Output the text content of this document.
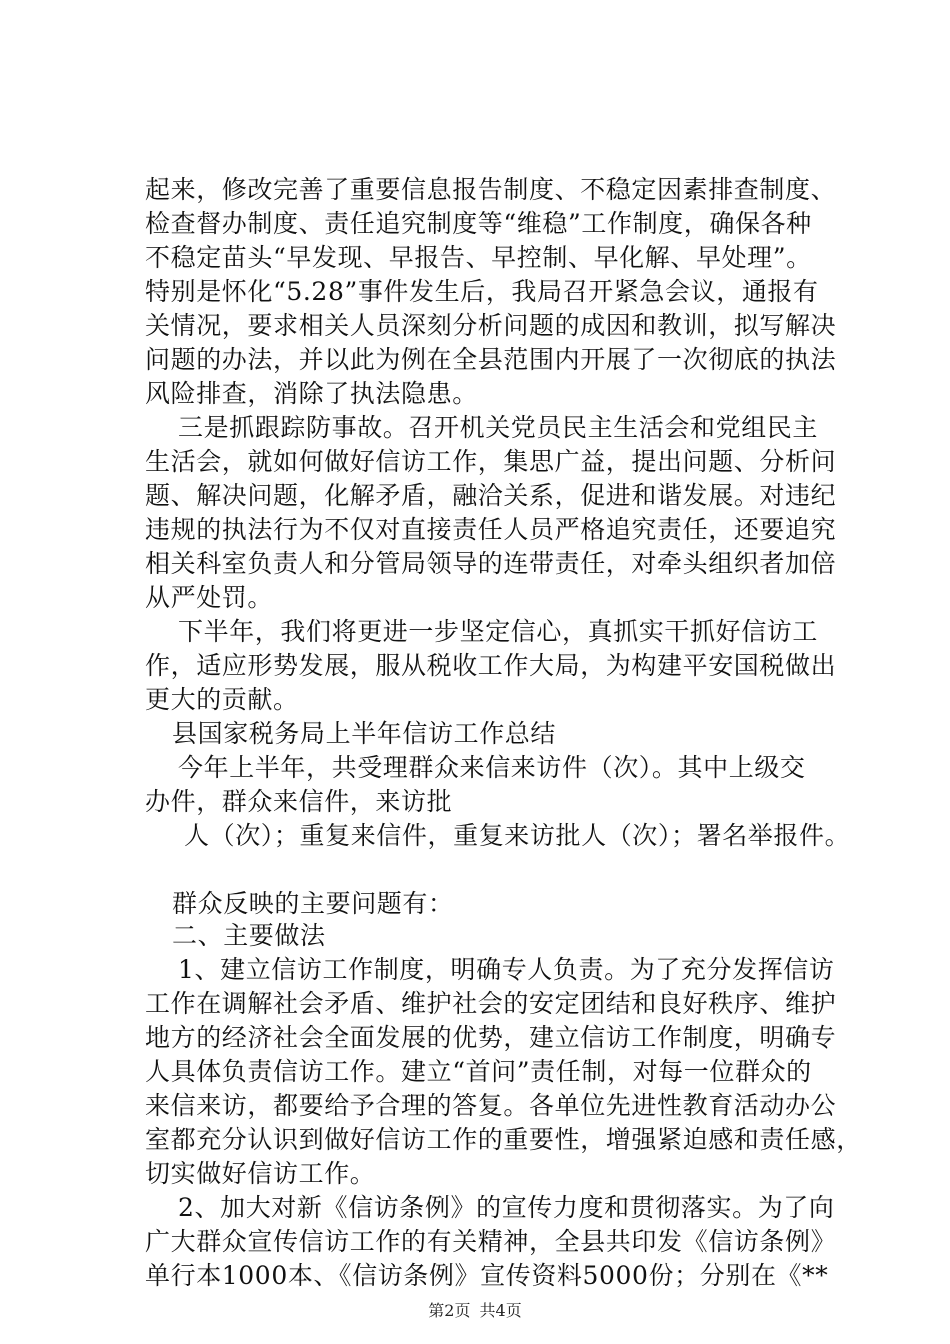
起来，修改完善了重要信息报告制度、不稳定因素排查制度、
检查督办制度、责任追究制度等“维稳”工作制度，确保各种
不稳定苗头“早发现、早报告、早控制、早化解、早处理”。
特别是怀化“5.28”事件发生后，我局召开紧急会议，通报有
关情况，要求相关人员深刻分析问题的成因和教训，拟写解决
问题的办法，并以此为例在全县范围内开展了一次彻底的执法
风险排查，消除了执法隐患。
三是抓跟踪防事故。召开机关党员民主生活会和党组民主
生活会，就如何做好信访工作，集思广益，提出问题、分析问
题、解决问题，化解矛盾，融洽关系，促进和谐发展。对违纪
违规的执法行为不仅对直接责任人员严格追究责任，还要追究
相关科室负责人和分管局领导的连带责任，对牵头组织者加倍
从严处罚。
下半年，我们将更进一步坚定信心，真抓实干抓好信访工
作，适应形势发展，服从税收工作大局，为构建平安国税做出
更大的贡献。
县国家税务局上半年信访工作总结
今年上半年，共受理群众来信来访件（次）。其中上级交
办件，群众来信件，来访批
人（次）；重复来信件，重复来访批人（次）；署名举报件。
群众反映的主要问题有：
二、主要做法
1、建立信访工作制度，明确专人负责。为了充分发挥信访
工作在调解社会矛盾、维护社会的安定团结和良好秩序、维护
地方的经济社会全面发展的优势，建立信访工作制度，明确专
人具体负责信访工作。建立“首问”责任制，对每一位群众的
来信来访，都要给予合理的答复。各单位先进性教育活动办公
室都充分认识到做好信访工作的重要性，增强紧迫感和责任感，
切实做好信访工作。
2、加大对新《信访条例》的宣传力度和贯彻落实。为了向
广大群众宣传信访工作的有关精神，全县共印发《信访条例》
单行本1000本、《信访条例》宣传资料5000份；分别在《**
第2页 共4页
